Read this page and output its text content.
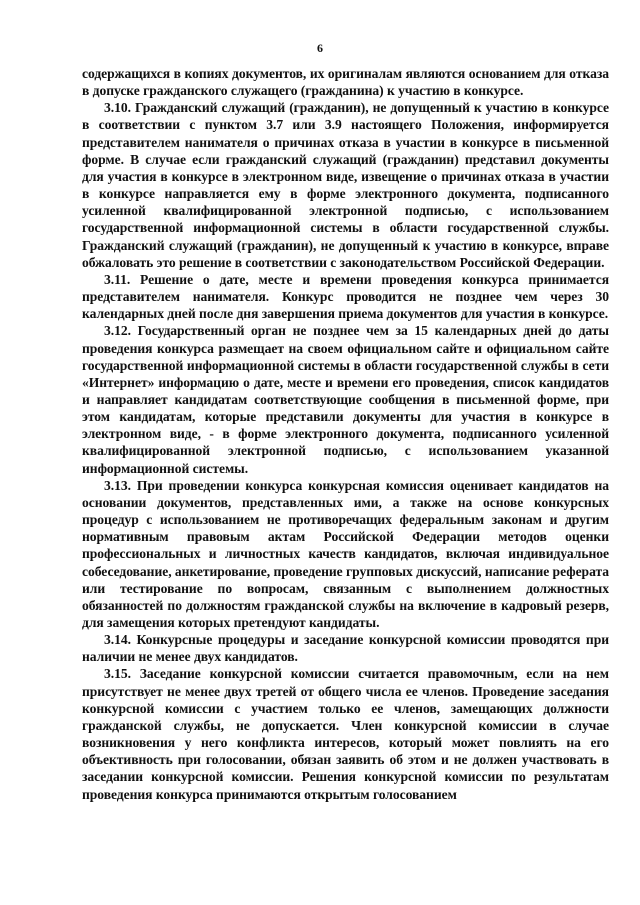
6

содержащихся в копиях документов, их оригиналам являются основанием для отказа в допуске гражданского служащего (гражданина) к участию в конкурсе.

3.10. Гражданский служащий (гражданин), не допущенный к участию в конкурсе в соответствии с пунктом 3.7 или 3.9 настоящего Положения, информируется представителем нанимателя о причинах отказа в участии в конкурсе в письменной форме. В случае если гражданский служащий (гражданин) представил документы для участия в конкурсе в электронном виде, извещение о причинах отказа в участии в конкурсе направляется ему в форме электронного документа, подписанного усиленной квалифицированной электронной подписью, с использованием государственной информационной системы в области государственной службы. Гражданский служащий (гражданин), не допущенный к участию в конкурсе, вправе обжаловать это решение в соответствии с законодательством Российской Федерации.

3.11. Решение о дате, месте и времени проведения конкурса принимается представителем нанимателя. Конкурс проводится не позднее чем через 30 календарных дней после дня завершения приема документов для участия в конкурсе.

3.12. Государственный орган не позднее чем за 15 календарных дней до даты проведения конкурса размещает на своем официальном сайте и официальном сайте государственной информационной системы в области государственной службы в сети «Интернет» информацию о дате, месте и времени его проведения, список кандидатов и направляет кандидатам соответствующие сообщения в письменной форме, при этом кандидатам, которые представили документы для участия в конкурсе в электронном виде, - в форме электронного документа, подписанного усиленной квалифицированной электронной подписью, с использованием указанной информационной системы.

3.13. При проведении конкурса конкурсная комиссия оценивает кандидатов на основании документов, представленных ими, а также на основе конкурсных процедур с использованием не противоречащих федеральным законам и другим нормативным правовым актам Российской Федерации методов оценки профессиональных и личностных качеств кандидатов, включая индивидуальное собеседование, анкетирование, проведение групповых дискуссий, написание реферата или тестирование по вопросам, связанным с выполнением должностных обязанностей по должностям гражданской службы на включение в кадровый резерв, для замещения которых претендуют кандидаты.

3.14. Конкурсные процедуры и заседание конкурсной комиссии проводятся при наличии не менее двух кандидатов.

3.15. Заседание конкурсной комиссии считается правомочным, если на нем присутствует не менее двух третей от общего числа ее членов. Проведение заседания конкурсной комиссии с участием только ее членов, замещающих должности гражданской службы, не допускается. Член конкурсной комиссии в случае возникновения у него конфликта интересов, который может повлиять на его объективность при голосовании, обязан заявить об этом и не должен участвовать в заседании конкурсной комиссии. Решения конкурсной комиссии по результатам проведения конкурса принимаются открытым голосованием
